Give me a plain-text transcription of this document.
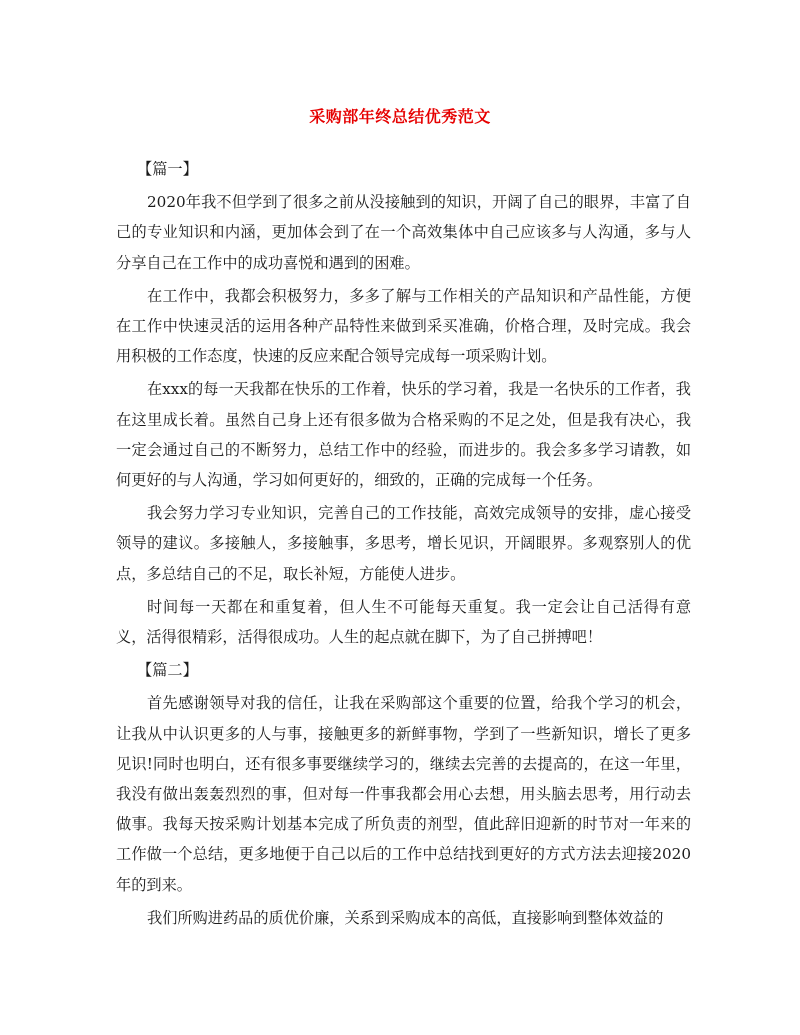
采购部年终总结优秀范文
【篇一】

2020年我不但学到了很多之前从没接触到的知识，开阔了自己的眼界，丰富了自己的专业知识和内涵，更加体会到了在一个高效集体中自己应该多与人沟通，多与人分享自己在工作中的成功喜悦和遇到的困难。

在工作中，我都会积极努力，多多了解与工作相关的产品知识和产品性能，方便在工作中快速灵活的运用各种产品特性来做到采买准确，价格合理，及时完成。我会用积极的工作态度，快速的反应来配合领导完成每一项采购计划。

在xxx的每一天我都在快乐的工作着，快乐的学习着，我是一名快乐的工作者，我在这里成长着。虽然自己身上还有很多做为合格采购的不足之处，但是我有决心，我一定会通过自己的不断努力，总结工作中的经验，而进步的。我会多多学习请教，如何更好的与人沟通，学习如何更好的，细致的，正确的完成每一个任务。

我会努力学习专业知识，完善自己的工作技能，高效完成领导的安排，虚心接受领导的建议。多接触人，多接触事，多思考，增长见识，开阔眼界。多观察别人的优点，多总结自己的不足，取长补短，方能使人进步。

时间每一天都在和重复着，但人生不可能每天重复。我一定会让自己活得有意义，活得很精彩，活得很成功。人生的起点就在脚下，为了自己拼搏吧！

【篇二】

首先感谢领导对我的信任，让我在采购部这个重要的位置，给我个学习的机会，让我从中认识更多的人与事，接触更多的新鲜事物，学到了一些新知识，增长了更多见识!同时也明白，还有很多事要继续学习的，继续去完善的去提高的，在这一年里，我没有做出轰轰烈烈的事，但对每一件事我都会用心去想，用头脑去思考，用行动去做事。我每天按采购计划基本完成了所负责的剂型，值此辞旧迎新的时节对一年来的工作做一个总结，更多地便于自己以后的工作中总结找到更好的方式方法去迎接2020年的到来。

我们所购进药品的质优价廉，关系到采购成本的高低，直接影响到整体效益的
